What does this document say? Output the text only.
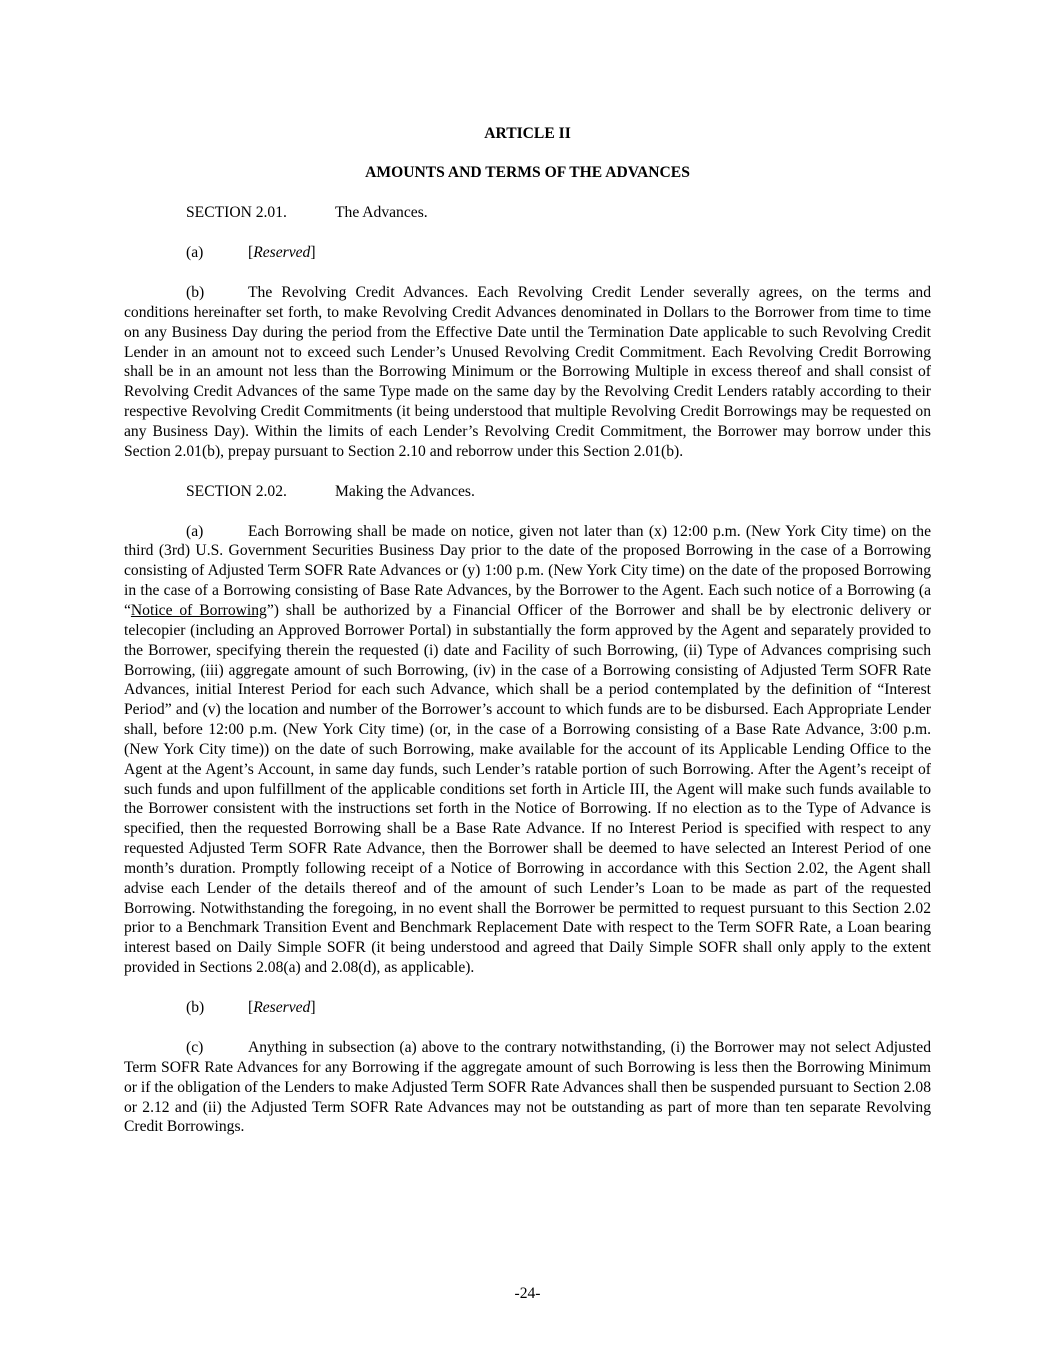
ARTICLE II

AMOUNTS AND TERMS OF THE ADVANCES

SECTION 2.01.	The Advances.

(a)	[Reserved]

(b)	The Revolving Credit Advances. Each Revolving Credit Lender severally agrees, on the terms and conditions hereinafter set forth, to make Revolving Credit Advances denominated in Dollars to the Borrower from time to time on any Business Day during the period from the Effective Date until the Termination Date applicable to such Revolving Credit Lender in an amount not to exceed such Lender’s Unused Revolving Credit Commitment. Each Revolving Credit Borrowing shall be in an amount not less than the Borrowing Minimum or the Borrowing Multiple in excess thereof and shall consist of Revolving Credit Advances of the same Type made on the same day by the Revolving Credit Lenders ratably according to their respective Revolving Credit Commitments (it being understood that multiple Revolving Credit Borrowings may be requested on any Business Day). Within the limits of each Lender’s Revolving Credit Commitment, the Borrower may borrow under this Section 2.01(b), prepay pursuant to Section 2.10 and reborrow under this Section 2.01(b).

SECTION 2.02.	Making the Advances.

(a)	Each Borrowing shall be made on notice, given not later than (x) 12:00 p.m. (New York City time) on the third (3rd) U.S. Government Securities Business Day prior to the date of the proposed Borrowing in the case of a Borrowing consisting of Adjusted Term SOFR Rate Advances or (y) 1:00 p.m. (New York City time) on the date of the proposed Borrowing in the case of a Borrowing consisting of Base Rate Advances, by the Borrower to the Agent. Each such notice of a Borrowing (a “Notice of Borrowing”) shall be authorized by a Financial Officer of the Borrower and shall be by electronic delivery or telecopier (including an Approved Borrower Portal) in substantially the form approved by the Agent and separately provided to the Borrower, specifying therein the requested (i) date and Facility of such Borrowing, (ii) Type of Advances comprising such Borrowing, (iii) aggregate amount of such Borrowing, (iv) in the case of a Borrowing consisting of Adjusted Term SOFR Rate Advances, initial Interest Period for each such Advance, which shall be a period contemplated by the definition of “Interest Period” and (v) the location and number of the Borrower’s account to which funds are to be disbursed. Each Appropriate Lender shall, before 12:00 p.m. (New York City time) (or, in the case of a Borrowing consisting of a Base Rate Advance, 3:00 p.m. (New York City time)) on the date of such Borrowing, make available for the account of its Applicable Lending Office to the Agent at the Agent’s Account, in same day funds, such Lender’s ratable portion of such Borrowing. After the Agent’s receipt of such funds and upon fulfillment of the applicable conditions set forth in Article III, the Agent will make such funds available to the Borrower consistent with the instructions set forth in the Notice of Borrowing. If no election as to the Type of Advance is specified, then the requested Borrowing shall be a Base Rate Advance. If no Interest Period is specified with respect to any requested Adjusted Term SOFR Rate Advance, then the Borrower shall be deemed to have selected an Interest Period of one month’s duration. Promptly following receipt of a Notice of Borrowing in accordance with this Section 2.02, the Agent shall advise each Lender of the details thereof and of the amount of such Lender’s Loan to be made as part of the requested Borrowing. Notwithstanding the foregoing, in no event shall the Borrower be permitted to request pursuant to this Section 2.02 prior to a Benchmark Transition Event and Benchmark Replacement Date with respect to the Term SOFR Rate, a Loan bearing interest based on Daily Simple SOFR (it being understood and agreed that Daily Simple SOFR shall only apply to the extent provided in Sections 2.08(a) and 2.08(d), as applicable).

(b)	[Reserved]

(c)	Anything in subsection (a) above to the contrary notwithstanding, (i) the Borrower may not select Adjusted Term SOFR Rate Advances for any Borrowing if the aggregate amount of such Borrowing is less then the Borrowing Minimum or if the obligation of the Lenders to make Adjusted Term SOFR Rate Advances shall then be suspended pursuant to Section 2.08 or 2.12 and (ii) the Adjusted Term SOFR Rate Advances may not be outstanding as part of more than ten separate Revolving Credit Borrowings.

-24-
